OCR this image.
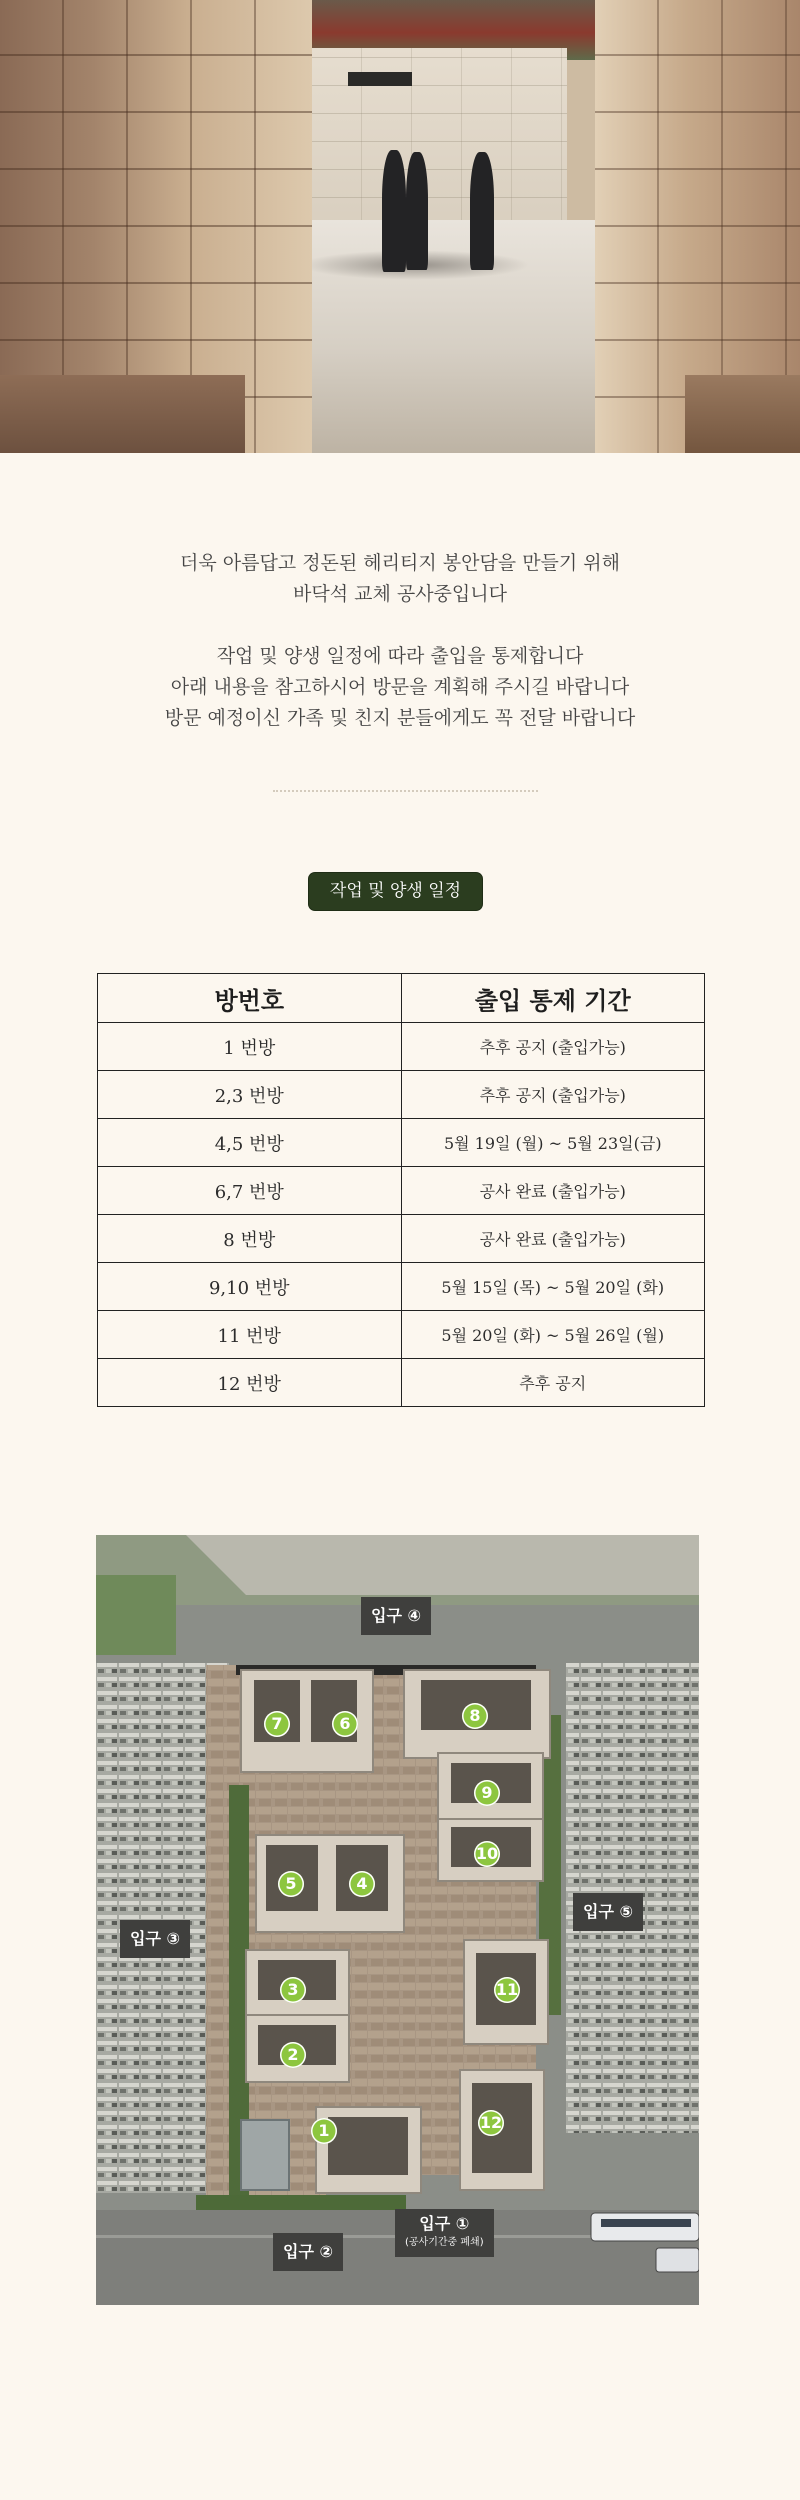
더욱 아름답고 정돈된 헤리티지 봉안담을 만들기 위해

바닥석 교체 공사중입니다

작업 및 양생 일정에 따라 출입을 통제합니다

아래 내용을 참고하시어 방문을 계획해 주시길 바랍니다

방문 예정이신 가족 및 친지 분들에게도 꼭 전달 바랍니다

작업 및 양생 일정
방번호	출입 통제 기간
1 번방	추후 공지 (출입가능)
2,3 번방	추후 공지 (출입가능)
4,5 번방	5월 19일 (월) ~ 5월 23일(금)
6,7 번방	공사 완료 (출입가능)
8 번방	공사 완료 (출입가능)
9,10 번방	5월 15일 (목) ~ 5월 20일 (화)
11 번방	5월 20일 (화) ~ 5월 26일 (월)
12 번방	추후 공지
1
2
3
4
5
6
7	8
9
10
11
12
입구 ④
입구 ⑤
입구 ③
입구 ②
입구 ①
(공사기간중 폐쇄)
